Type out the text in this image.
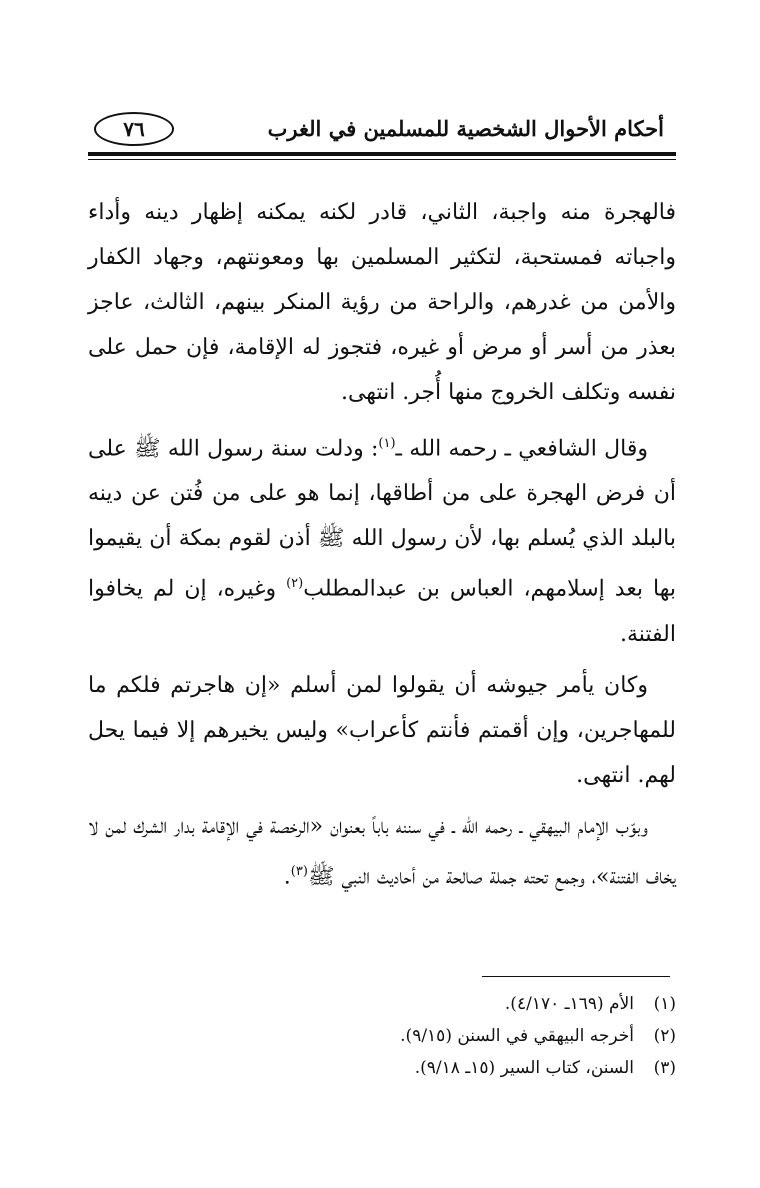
أحكام الأحوال الشخصية للمسلمين في الغرب
٧٦

فالهجرة منه واجبة، الثاني، قادر لكنه يمكنه إظهار دينه وأداء واجباته فمستحبة، لتكثير المسلمين بها ومعونتهم، وجهاد الكفار والأمن من غدرهم، والراحة من رؤية المنكر بينهم، الثالث، عاجز بعذر من أسر أو مرض أو غيره، فتجوز له الإقامة، فإن حمل على نفسه وتكلف الخروج منها أُجر. انتهى.

وقال الشافعي ـ رحمه الله ـ$^{(١)}$: ودلت سنة رسول الله ﷺ على أن فرض الهجرة على من أطاقها، إنما هو على من فُتن عن دينه بالبلد الذي يُسلم بها، لأن رسول الله ﷺ أذن لقوم بمكة أن يقيموا بها بعد إسلامهم، العباس بن عبدالمطلب$^{(٢)}$ وغيره، إن لم يخافوا الفتنة.

وكان يأمر جيوشه أن يقولوا لمن أسلم «إن هاجرتم فلكم ما للمهاجرين، وإن أقمتم فأنتم كأعراب» وليس يخيرهم إلا فيما يحل لهم. انتهى.

وبوّب الإمام البيهقي ـ رحمه الله ـ في سننه باباً بعنوان «الرخصة في الإقامة بدار الشرك لمن لا يخاف الفتنة»، وجمع تحته جملة صالحة من أحاديث النبي ﷺ$^{(٣)}$.

(١)الأم (١٦٩ـ ٤/١٧٠).
(٢)أخرجه البيهقي في السنن (٩/١٥).
(٣)السنن، كتاب السير (١٥ـ ٩/١٨).
